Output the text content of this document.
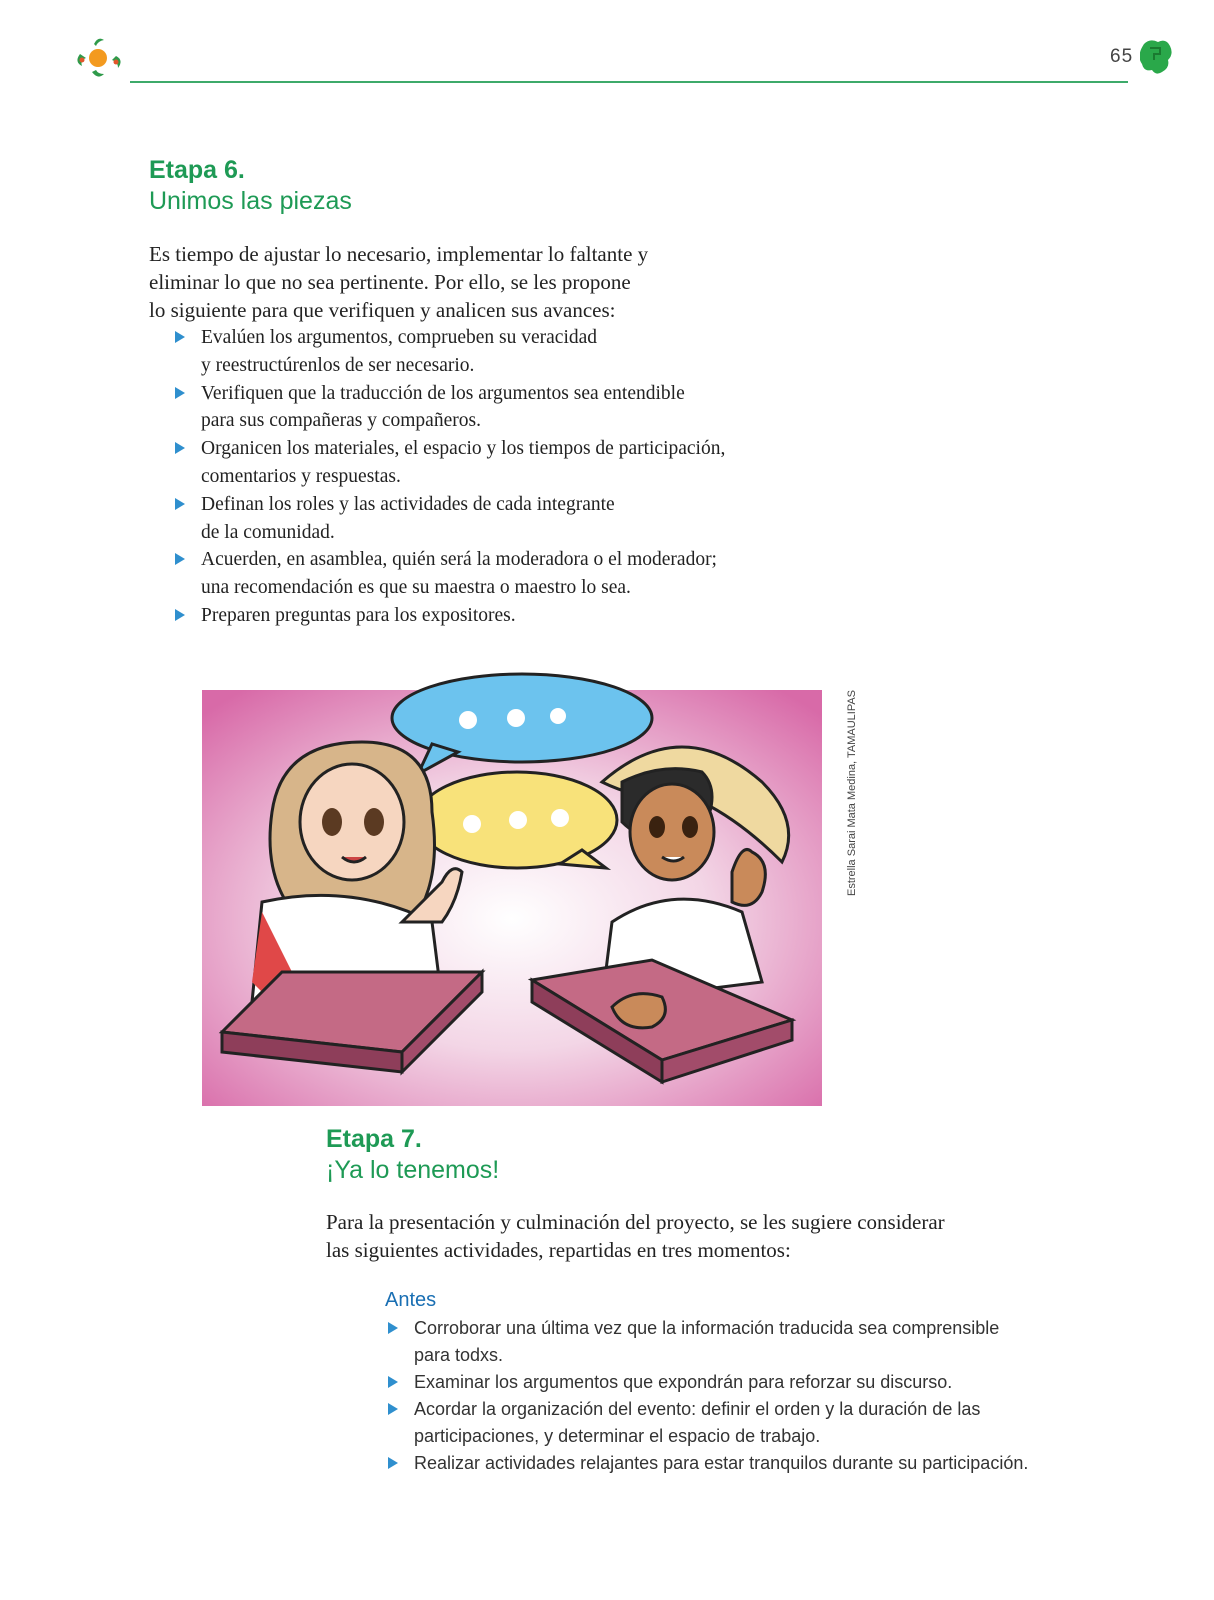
65
Etapa 6.
Unimos las piezas
Es tiempo de ajustar lo necesario, implementar lo faltante y
eliminar lo que no sea pertinente. Por ello, se les propone
lo siguiente para que verifiquen y analicen sus avances:
Evalúen los argumentos, comprueben su veracidad
y reestructúrenlos de ser necesario.
Verifiquen que la traducción de los argumentos sea entendible
para sus compañeras y compañeros.
Organicen los materiales, el espacio y los tiempos de participación,
comentarios y respuestas.
Definan los roles y las actividades de cada integrante
de la comunidad.
Acuerden, en asamblea, quién será la moderadora o el moderador;
una recomendación es que su maestra o maestro lo sea.
Preparen preguntas para los expositores.
Estrella Sarai Mata Medina, TAMAULIPAS
Etapa 7.
¡Ya lo tenemos!
Para la presentación y culminación del proyecto, se les sugiere considerar
las siguientes actividades, repartidas en tres momentos:
Antes
Corroborar una última vez que la información traducida sea comprensible
para todxs.
Examinar los argumentos que expondrán para reforzar su discurso.
Acordar la organización del evento: definir el orden y la duración de las
participaciones, y determinar el espacio de trabajo.
Realizar actividades relajantes para estar tranquilos durante su participación.
